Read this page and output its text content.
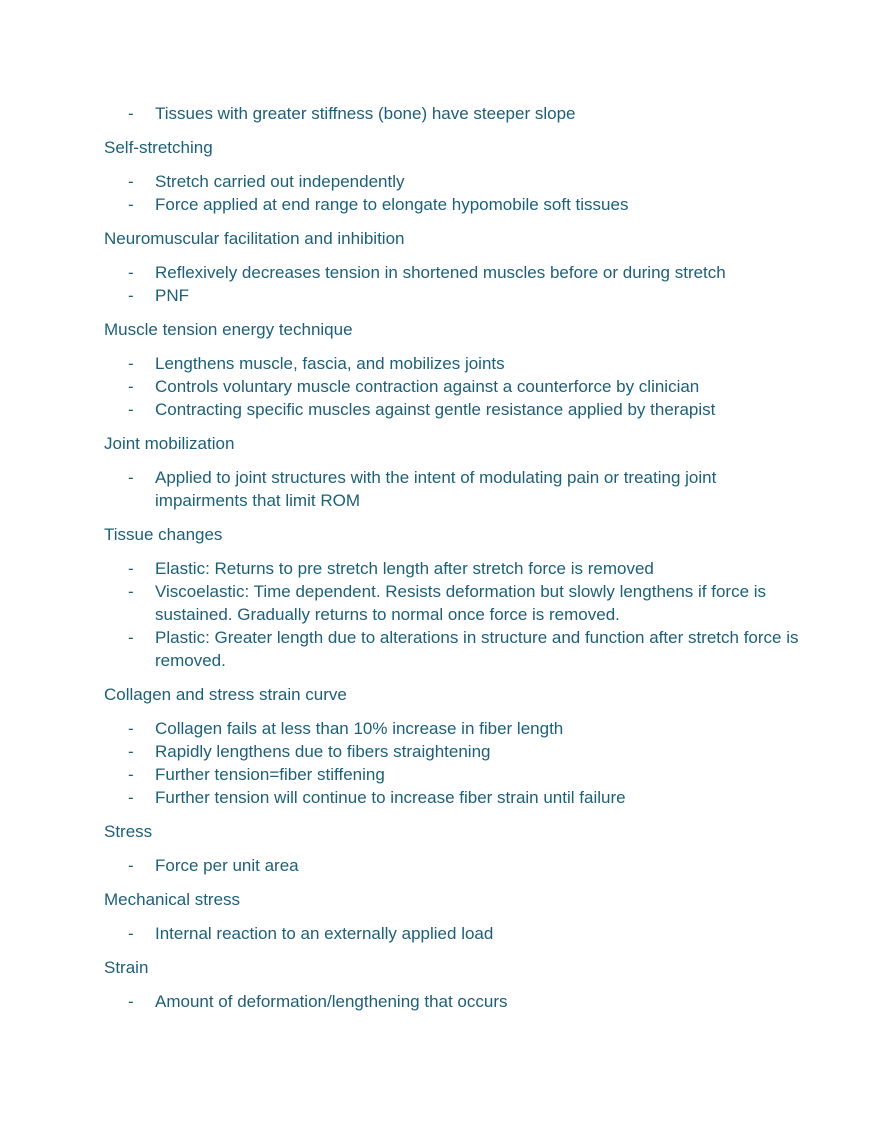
- Tissues with greater stiffness (bone) have steeper slope
Self-stretching
- Stretch carried out independently
- Force applied at end range to elongate hypomobile soft tissues
Neuromuscular facilitation and inhibition
- Reflexively decreases tension in shortened muscles before or during stretch
- PNF
Muscle tension energy technique
- Lengthens muscle, fascia, and mobilizes joints
- Controls voluntary muscle contraction against a counterforce by clinician
- Contracting specific muscles against gentle resistance applied by therapist
Joint mobilization
- Applied to joint structures with the intent of modulating pain or treating joint impairments that limit ROM
Tissue changes
- Elastic: Returns to pre stretch length after stretch force is removed
- Viscoelastic: Time dependent. Resists deformation but slowly lengthens if force is sustained. Gradually returns to normal once force is removed.
- Plastic: Greater length due to alterations in structure and function after stretch force is removed.
Collagen and stress strain curve
- Collagen fails at less than 10% increase in fiber length
- Rapidly lengthens due to fibers straightening
- Further tension=fiber stiffening
- Further tension will continue to increase fiber strain until failure
Stress
- Force per unit area
Mechanical stress
- Internal reaction to an externally applied load
Strain
- Amount of deformation/lengthening that occurs
